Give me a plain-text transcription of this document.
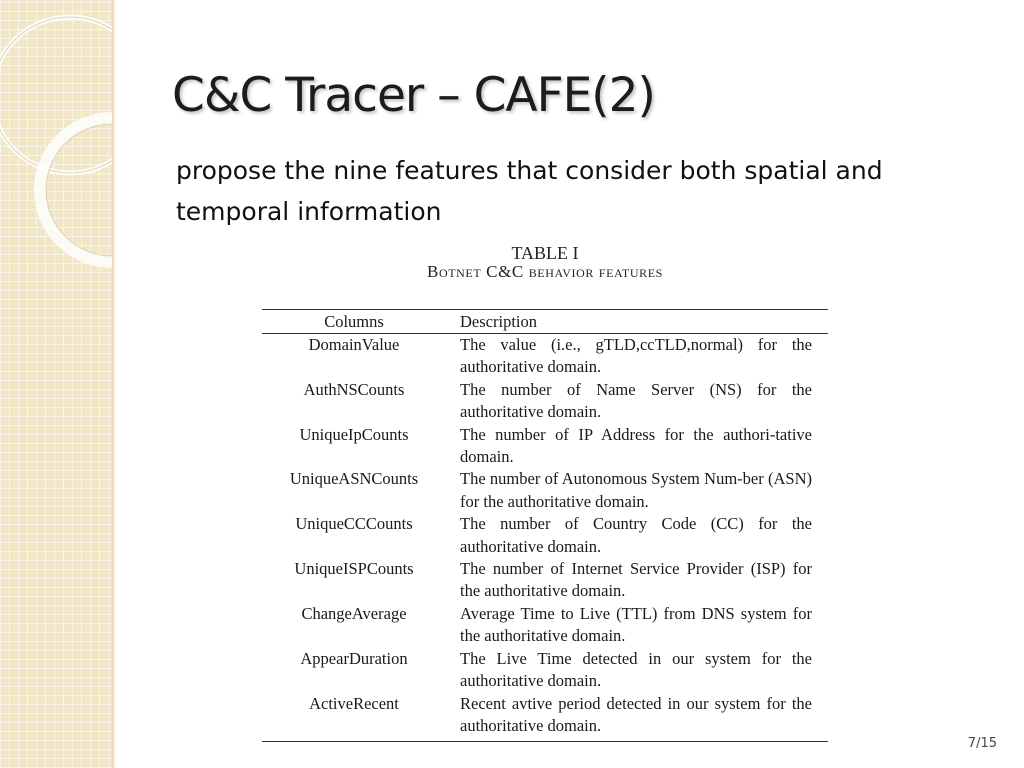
C&C Tracer – CAFE(2)

propose the nine features that consider both spatial and temporal information

TABLE I
Botnet C&C behavior features
Columns	Description
DomainValue	The value (i.e., gTLD,ccTLD,normal) for the authoritative domain.
AuthNSCounts	The number of Name Server (NS) for the authoritative domain.
UniqueIpCounts	The number of IP Address for the authori-tative domain.
UniqueASNCounts	The number of Autonomous System Num-ber (ASN) for the authoritative domain.
UniqueCCCounts	The number of Country Code (CC) for the authoritative domain.
UniqueISPCounts	The number of Internet Service Provider (ISP) for the authoritative domain.
ChangeAverage	Average Time to Live (TTL) from DNS system for the authoritative domain.
AppearDuration	The Live Time detected in our system for the authoritative domain.
ActiveRecent	Recent avtive period detected in our system for the authoritative domain.
7/15
